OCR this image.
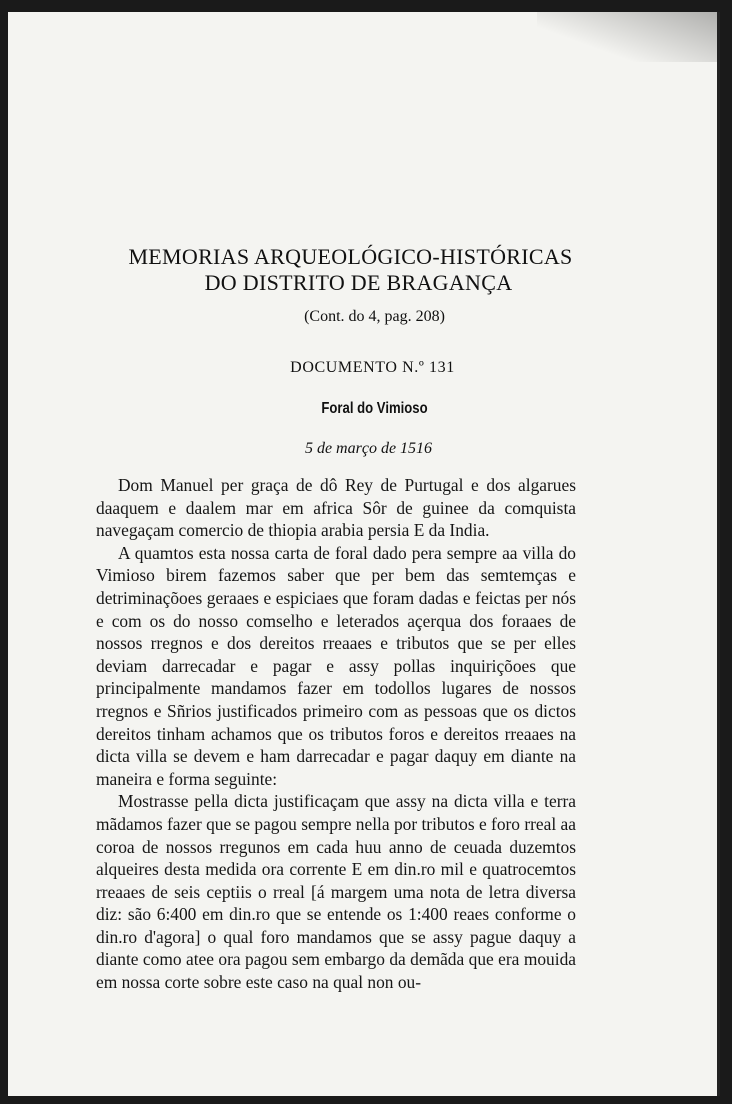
MEMORIAS ARQUEOLÓGICO-HISTÓRICAS
DO DISTRITO DE BRAGANÇA
(Cont. do 4, pag. 208)
DOCUMENTO N.º 131
Foral do Vimioso
5 de março de 1516

Dom Manuel per graça de dô Rey de Purtugal e dos algarues daaquem e daalem mar em africa Sôr de guinee da comquista navegaçam comercio de thiopia arabia persia E da India.

A quamtos esta nossa carta de foral dado pera sempre aa villa do Vimioso birem fazemos saber que per bem das semtemças e detriminaçõoes geraaes e espiciaes que foram dadas e feictas per nós e com os do nosso comselho e leterados açerqua dos foraaes de nossos rregnos e dos dereitos rreaaes e tributos que se per elles deviam darrecadar e pagar e assy pollas inquiriçõoes que principalmente mandamos fazer em todollos lugares de nossos rregnos e Sñrios justificados primeiro com as pessoas que os dictos dereitos tinham achamos que os tributos foros e dereitos rreaaes na dicta villa se devem e ham darrecadar e pagar daquy em diante na maneira e forma seguinte:

Mostrasse pella dicta justificaçam que assy na dicta villa e terra mãdamos fazer que se pagou sempre nella por tributos e foro rreal aa coroa de nossos rregunos em cada huu anno de ceuada duzemtos alqueires desta medida ora corrente E em din.ro mil e quatrocemtos rreaaes de seis ceptiis o rreal [á margem uma nota de letra diversa diz: são 6:400 em din.ro que se entende os 1:400 reaes conforme o din.ro d'agora] o qual foro mandamos que se assy pague daquy a diante como atee ora pagou sem embargo da demãda que era mouida em nossa corte sobre este caso na qual non ou-
